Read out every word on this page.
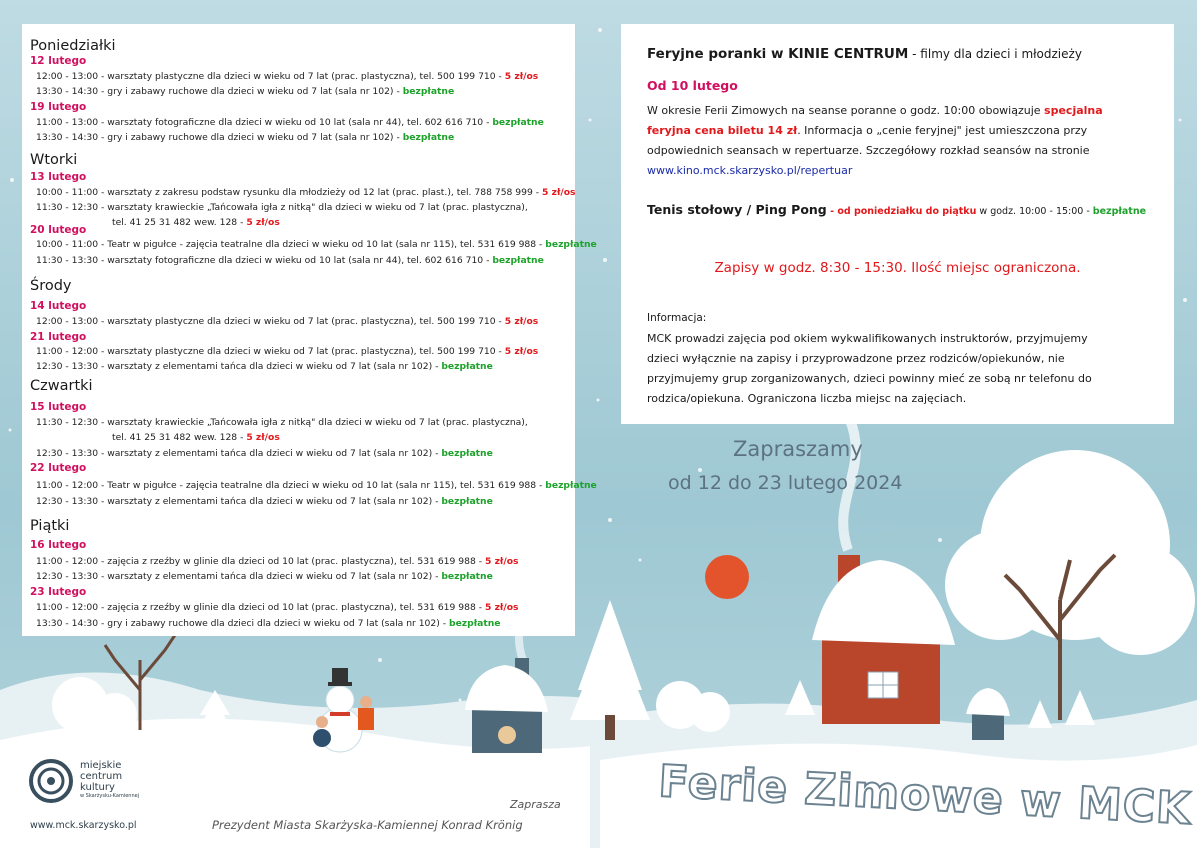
Poniedziałki
12 lutego
12:00 - 13:00 - warsztaty plastyczne dla dzieci w wieku od 7 lat (prac. plastyczna), tel. 500 199 710 - 5 zł/os
13:30 - 14:30 - gry i zabawy ruchowe dla dzieci w wieku od 7 lat (sala nr 102) - bezpłatne
19 lutego
11:00 - 13:00 - warsztaty fotograficzne dla dzieci w wieku od 10 lat (sala nr 44), tel. 602 616 710 - bezpłatne
13:30 - 14:30 - gry i zabawy ruchowe dla dzieci w wieku od 7 lat (sala nr 102) - bezpłatne
Wtorki
13 lutego
10:00 - 11:00 - warsztaty z zakresu podstaw rysunku dla młodzieży od 12 lat (prac. plast.), tel. 788 758 999 - 5 zł/os
11:30 - 12:30 - warsztaty krawieckie „Tańcowała igła z nitką" dla dzieci w wieku od 7 lat (prac. plastyczna),
tel. 41 25 31 482 wew. 128 - 5 zł/os
20 lutego
10:00 - 11:00 - Teatr w pigułce - zajęcia teatralne dla dzieci w wieku od 10 lat (sala nr 115), tel. 531 619 988 - bezpłatne
11:30 - 13:30 - warsztaty fotograficzne dla dzieci w wieku od 10 lat (sala nr 44), tel. 602 616 710 - bezpłatne
Środy
14 lutego
12:00 - 13:00 - warsztaty plastyczne dla dzieci w wieku od 7 lat (prac. plastyczna), tel. 500 199 710 - 5 zł/os
21 lutego
11:00 - 12:00 - warsztaty plastyczne dla dzieci w wieku od 7 lat (prac. plastyczna), tel. 500 199 710 - 5 zł/os
12:30 - 13:30 - warsztaty z elementami tańca dla dzieci w wieku od 7 lat (sala nr 102) - bezpłatne
Czwartki
15 lutego
11:30 - 12:30 - warsztaty krawieckie „Tańcowała igła z nitką" dla dzieci w wieku od 7 lat (prac. plastyczna),
tel. 41 25 31 482 wew. 128 - 5 zł/os
12:30 - 13:30 - warsztaty z elementami tańca dla dzieci w wieku od 7 lat (sala nr 102) - bezpłatne
22 lutego
11:00 - 12:00 - Teatr w pigułce - zajęcia teatralne dla dzieci w wieku od 10 lat (sala nr 115), tel. 531 619 988 - bezpłatne
12:30 - 13:30 - warsztaty z elementami tańca dla dzieci w wieku od 7 lat (sala nr 102) - bezpłatne
Piątki
16 lutego
11:00 - 12:00 - zajęcia z rzeźby w glinie dla dzieci od 10 lat (prac. plastyczna), tel. 531 619 988 - 5 zł/os
12:30 - 13:30 - warsztaty z elementami tańca dla dzieci w wieku od 7 lat (sala nr 102) - bezpłatne
23 lutego
11:00 - 12:00 - zajęcia z rzeźby w glinie dla dzieci od 10 lat (prac. plastyczna), tel. 531 619 988 - 5 zł/os
13:30 - 14:30 - gry i zabawy ruchowe dla dzieci dla dzieci w wieku od 7 lat (sala nr 102) - bezpłatne
Feryjne poranki w KINIE CENTRUM - filmy dla dzieci i młodzieży
Od 10 lutego
W okresie Ferii Zimowych na seanse poranne o godz. 10:00 obowiązuje specjalna
feryjna cena biletu 14 zł. Informacja o „cenie feryjnej" jest umieszczona przy
odpowiednich seansach w repertuarze. Szczegółowy rozkład seansów na stronie
www.kino.mck.skarzysko.pl/repertuar
Tenis stołowy / Ping Pong - od poniedziałku do piątku w godz. 10:00 - 15:00 - bezpłatne
Zapisy w godz. 8:30 - 15:30. Ilość miejsc ograniczona.
Informacja:
MCK prowadzi zajęcia pod okiem wykwalifikowanych instruktorów, przyjmujemy
dzieci wyłącznie na zapisy i przyprowadzone przez rodziców/opiekunów, nie
przyjmujemy grup zorganizowanych, dzieci powinny mieć ze sobą nr telefonu do
rodzica/opiekuna. Ograniczona liczba miejsc na zajęciach.
Zapraszamy
od 12 do 23 lutego 2024
miejskie
centrum
kultury
w Skarżysku-Kamiennej
www.mck.skarzysko.pl
Zaprasza
Prezydent Miasta Skarżyska-Kamiennej Konrad Krönig	Ferie Zimowe w MCK
